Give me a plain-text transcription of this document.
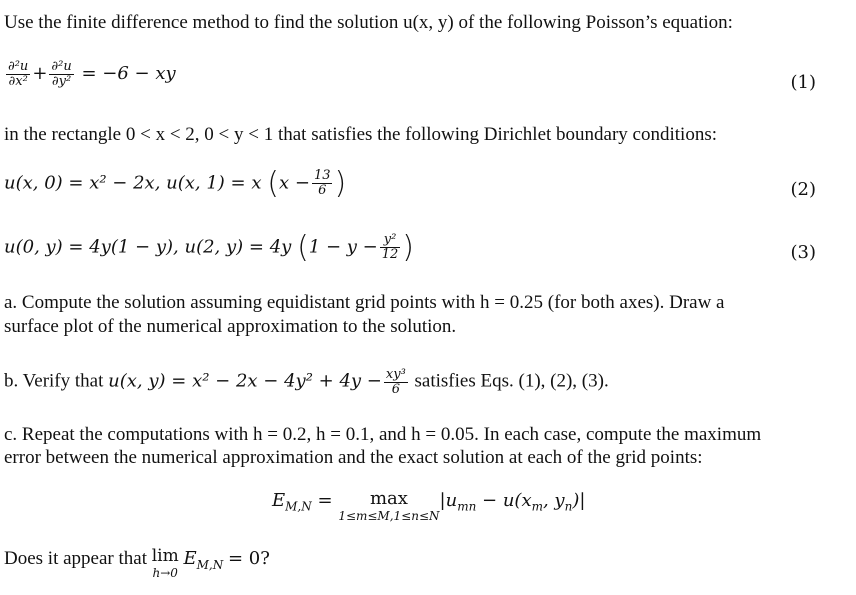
Use the finite difference method to find the solution u(x, y) of the following Poisson’s equation:
$\frac{\text{∂²u}}{\text{∂x²}} + \frac{\text{∂²u}}{\text{∂y²}} = -6$ − xy	(1)
in the rectangle 0 < x < 2, 0 < y < 1 that satisfies the following Dirichlet boundary conditions:
u(x, 0) = x² − 2x, u(x, 1) = x ($x - \frac{13}{6}$ )	(2)
u(0, y) = 4y(1 − y), u(2, y) = 4y ($1 - y - \frac{\text{y²}}{12}$ )	(3)
a. Compute the solution assuming equidistant grid points with h = 0.25 (for both axes). Draw a
surface plot of the numerical approximation to the solution.
b. Verify that u(x, $y) = x^2 - 2x - 4y^2 + 4y - \frac{\text{xy³}}{6}$ satisfies Eqs. (1), (2), (3).
c. Repeat the computations with h = 0.2, h = 0.1, and h = 0.05. In each case, compute the maximum
error between the numerical approximation and the exact solution at each of the grid points:
$E_{M,N}$ =	max
1≤m≤M,1≤n≤N
$|u_{mn} - u(x_m$, $y_n)|$
Does it appear that lim
h→0
$E_{M,N} = 0$?
